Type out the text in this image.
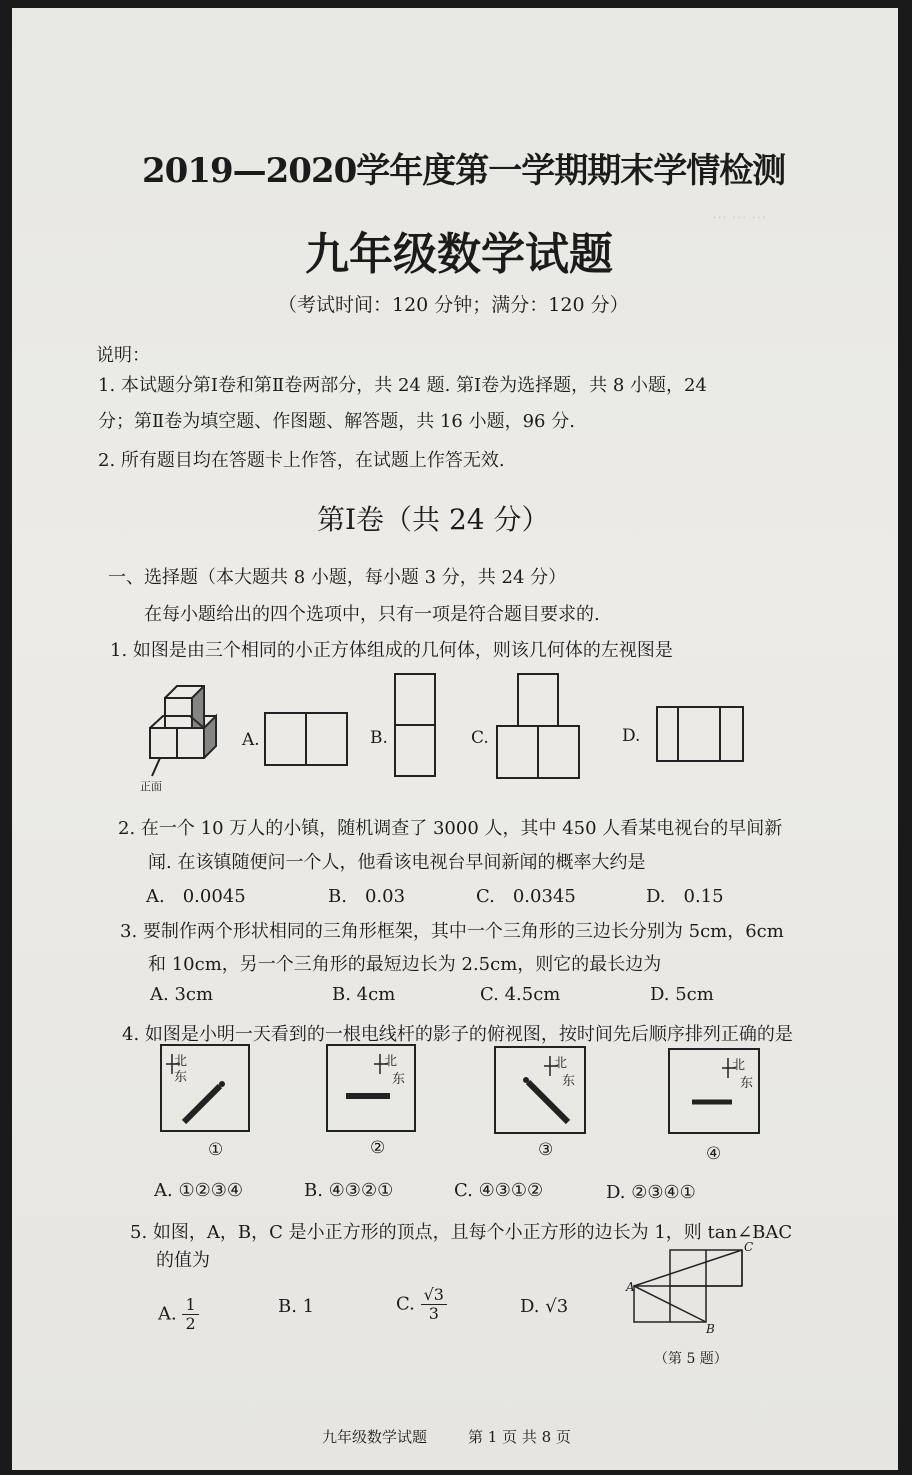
⋯ ⋯ ⋯
2019—2020学年度第一学期期末学情检测
九年级数学试题
（考试时间：120 分钟；满分：120 分）
说明：
1. 本试题分第Ⅰ卷和第Ⅱ卷两部分，共 24 题. 第Ⅰ卷为选择题，共 8 小题，24
分；第Ⅱ卷为填空题、作图题、解答题，共 16 小题，96 分.
2. 所有题目均在答题卡上作答，在试题上作答无效.
第Ⅰ卷（共 24 分）
一、选择题（本大题共 8 小题，每小题 3 分，共 24 分）
在每小题给出的四个选项中，只有一项是符合题目要求的.
1. 如图是由三个相同的小正方体组成的几何体，则该几何体的左视图是
正面
A.	B.	C.	D.
2. 在一个 10 万人的小镇，随机调查了 3000 人，其中 450 人看某电视台的早间新
闻. 在该镇随便问一个人，他看该电视台早间新闻的概率大约是
A.　0.0045	B.　0.03	C.　0.0345	D.　0.15
3. 要制作两个形状相同的三角形框架，其中一个三角形的三边长分别为 5cm，6cm
和 10cm，另一个三角形的最短边长为 2.5cm，则它的最长边为
A. 3cm	B. 4cm	C. 4.5cm	D. 5cm
4. 如图是小明一天看到的一根电线杆的影子的俯视图，按时间先后顺序排列正确的是
北
东
①
北
东
②
北
东
③
北
东
④
A. ①②③④	B. ④③②①	C. ④③①②	D. ②③④①
5. 如图，A，B，C 是小正方形的顶点，且每个小正方形的边长为 1，则 tan∠BAC
的值为
A. $\frac{1}{2}$	B. 1	C. $\frac{√3}{3}$	D. √3
A
C
B
（第 5 题）
九年级数学试题	第 1 页 共 8 页
